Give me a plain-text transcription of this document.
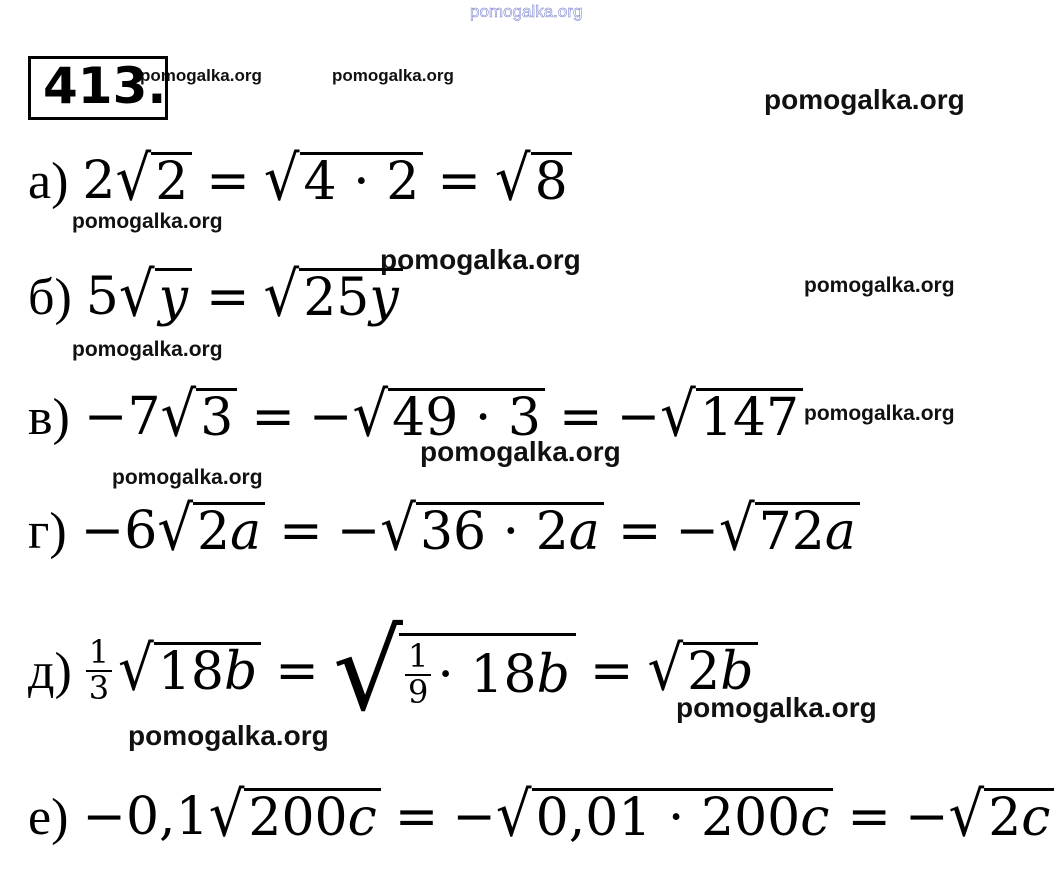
pomogalka.org
pomogalka.org	pomogalka.org
pomogalka.org
pomogalka.org
pomogalka.org
pomogalka.org
pomogalka.org
pomogalka.org
pomogalka.org
pomogalka.org
pomogalka.org
pomogalka.org
413.
а) 2 √ 2 = √ 4 · 2 = √ 8
б) 5 √ y = √ 25y
в) −7 √ 3 = − √ 49 · 3 = − √ 147
г) −6 √ 2a = − √ 36 · 2a = − √ 72a
$д) \frac{1}{3}$ √ 18b = √ $\frac{1}{9} \cdot 18$ b = √ 2b
е) −0,1 √ 200c = − √ 0,01 · 200c = − √ 2c
